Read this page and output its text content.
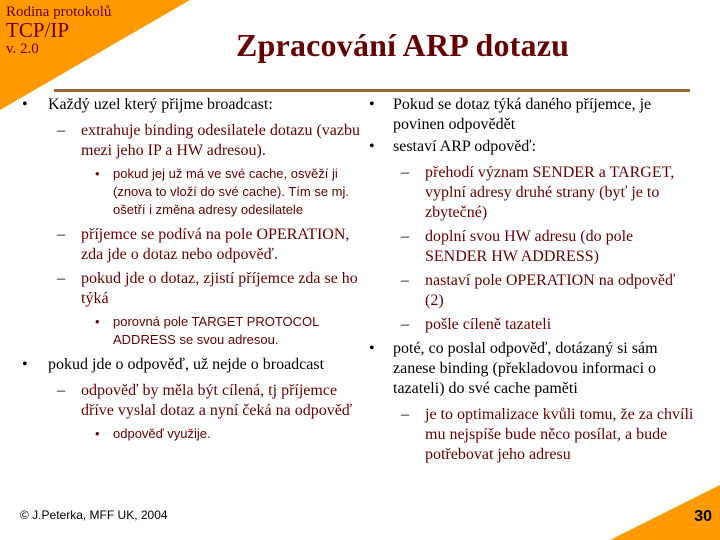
Rodina protokolů
TCP/IP
v. 2.0	Zpracování ARP dotazu
• Každý uzel který přijme broadcast:
– extrahuje binding odesilatele dotazu (vazbu mezi jeho IP a HW adresou).
• pokud jej už má ve své cache, osvěží ji (znova to vloží do své cache). Tím se mj. ošetří i změna adresy odesilatele
– příjemce se podívá na pole OPERATION, zda jde o dotaz nebo odpověď.
– pokud jde o dotaz, zjistí příjemce zda se ho týká
• porovná pole TARGET PROTOCOL ADDRESS se svou adresou.
• pokud jde o odpověď, už nejde o broadcast
– odpověď by měla být cílená, tj příjemce dříve vyslal dotaz a nyní čeká na odpověď
• odpověď využije.
• Pokud se dotaz týká daného příjemce, je povinen odpovědět
• sestaví ARP odpověď:
– přehodí význam SENDER a TARGET, vyplní adresy druhé strany (byť je to zbytečné)
– doplní svou HW adresu (do pole SENDER HW ADDRESS)
– nastaví pole OPERATION na odpověď (2)
– pošle cíleně tazateli
• poté, co poslal odpověď, dotázaný si sám zanese binding (překladovou informaci o tazateli) do své cache paměti
– je to optimalizace kvůli tomu, že za chvíli mu nejspíše bude něco posílat, a bude potřebovat jeho adresu
© J.Peterka, MFF UK, 2004	30
